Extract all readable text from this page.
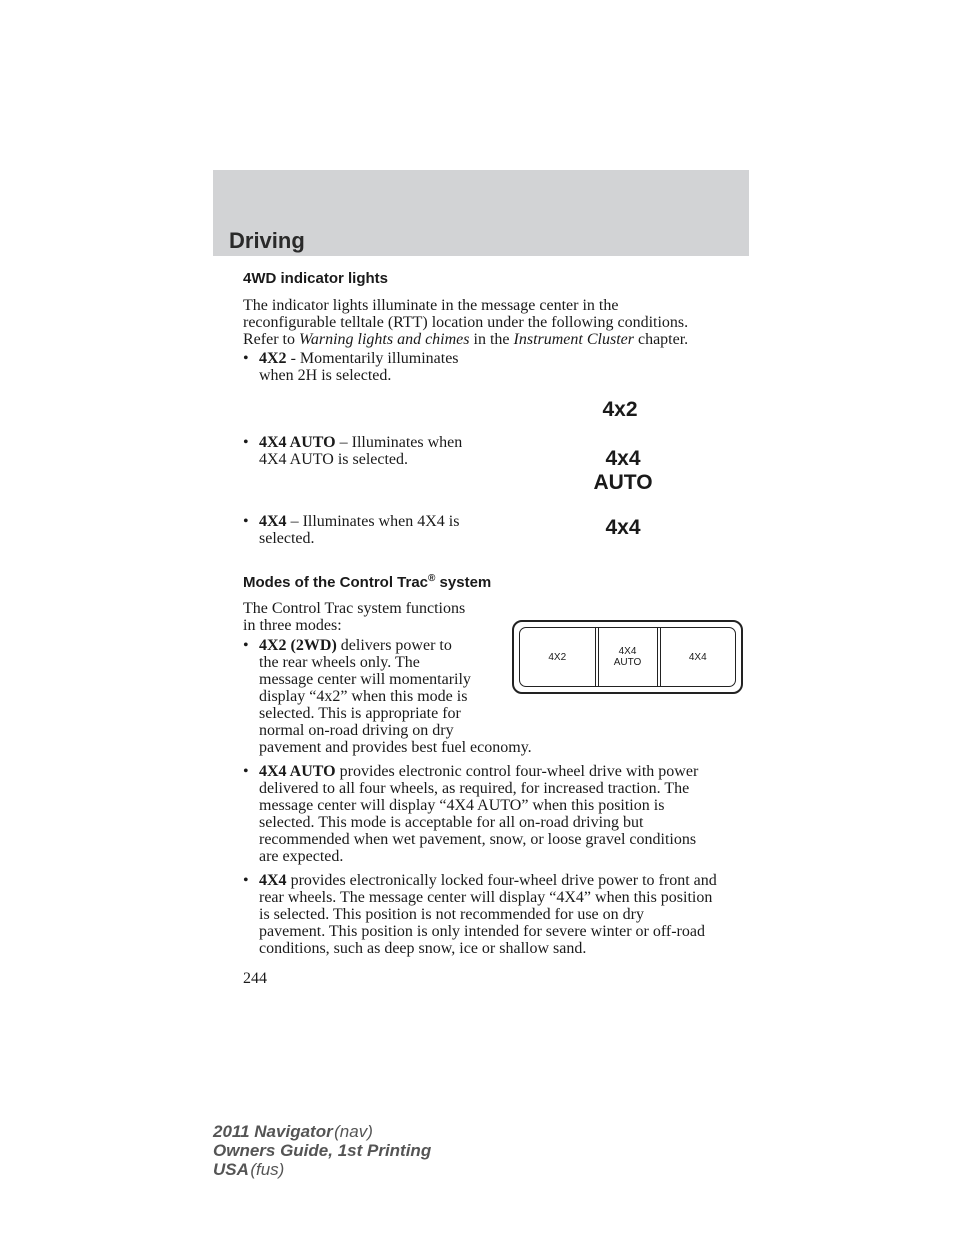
Driving
4WD indicator lights

The indicator lights illuminate in the message center in the

reconfigurable telltale (RTT) location under the following conditions.

Refer to Warning lights and chimes in the Instrument Cluster chapter.

• 4X2 - Momentarily illuminates

when 2H is selected.

4x2
• 4X4 AUTO – Illuminates when

4X4 AUTO is selected.	4x4
AUTO
• 4X4 – Illuminates when 4X4 is

selected.	4x4
Modes of the Control Trac® system

The Control Trac system functions

in three modes:

4X2	4X4
AUTO	4X4
• 4X2 (2WD) delivers power to

the rear wheels only. The

message center will momentarily

display “4x2” when this mode is

selected. This is appropriate for

normal on-road driving on dry

pavement and provides best fuel economy.

• 4X4 AUTO provides electronic control four-wheel drive with power

delivered to all four wheels, as required, for increased traction. The

message center will display “4X4 AUTO” when this position is

selected. This mode is acceptable for all on-road driving but

recommended when wet pavement, snow, or loose gravel conditions

are expected.

• 4X4 provides electronically locked four-wheel drive power to front and

rear wheels. The message center will display “4X4” when this position

is selected. This position is not recommended for use on dry

pavement. This position is only intended for severe winter or off-road

conditions, such as deep snow, ice or shallow sand.

244
2011 Navigator (nav)
Owners Guide, 1st Printing
USA (fus)
